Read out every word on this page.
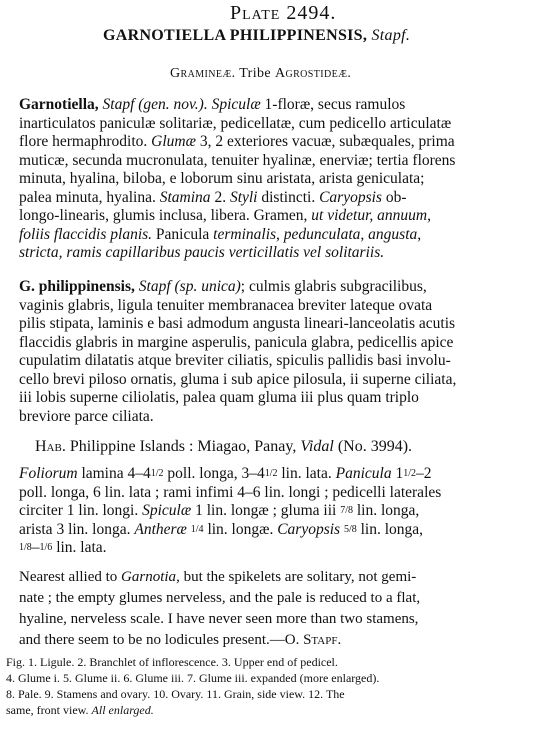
Plate 2494.
GARNOTIELLA PHILIPPINENSIS, Stapf.
Gramineæ. Tribe Agrostideæ.
Garnotiella, Stapf (gen. nov.). Spiculæ 1-floræ, secus ramulos
inarticulatos paniculæ solitariæ, pedicellatæ, cum pedicello articulatæ
flore hermaphrodito. Glumæ 3, 2 exteriores vacuæ, subæquales, prima
muticæ, secunda mucronulata, tenuiter hyalinæ, enerviæ; tertia florens
minuta, hyalina, biloba, e loborum sinu aristata, arista geniculata;
palea minuta, hyalina. Stamina 2. Styli distincti. Caryopsis ob-
longo-linearis, glumis inclusa, libera. Gramen, ut videtur, annuum,
foliis flaccidis planis. Panicula terminalis, pedunculata, angusta,
stricta, ramis capillaribus paucis verticillatis vel solitariis.
G. philippinensis, Stapf (sp. unica); culmis glabris subgracilibus,
vaginis glabris, ligula tenuiter membranacea breviter lateque ovata
pilis stipata, laminis e basi admodum angusta lineari-lanceolatis acutis
flaccidis glabris in margine asperulis, panicula glabra, pedicellis apice
cupulatim dilatatis atque breviter ciliatis, spiculis pallidis basi involu-
cello brevi piloso ornatis, gluma i sub apice pilosula, ii superne ciliata,
iii lobis superne ciliolatis, palea quam gluma iii plus quam triplo
breviore parce ciliata.
Hab. Philippine Islands : Miagao, Panay, Vidal (No. 3994).
Foliorum lamina 4–41/2 poll. longa, 3–41/2 lin. lata. Panicula 11/2–2
poll. longa, 6 lin. lata ; rami infimi 4–6 lin. longi ; pedicelli laterales
circiter 1 lin. longi. Spiculæ 1 lin. longæ ; gluma iii 7/8 lin. longa,
arista 3 lin. longa. Antheræ 1/4 lin. longæ. Caryopsis 5/8 lin. longa,
1/8–1/6 lin. lata.
Nearest allied to Garnotia, but the spikelets are solitary, not gemi-
nate ; the empty glumes nerveless, and the pale is reduced to a flat,
hyaline, nerveless scale. I have never seen more than two stamens,
and there seem to be no lodicules present.—O. Stapf.
Fig. 1. Ligule. 2. Branchlet of inflorescence. 3. Upper end of pedicel.
4. Glume i. 5. Glume ii. 6. Glume iii. 7. Glume iii. expanded (more enlarged).
8. Pale. 9. Stamens and ovary. 10. Ovary. 11. Grain, side view. 12. The
same, front view. All enlarged.
